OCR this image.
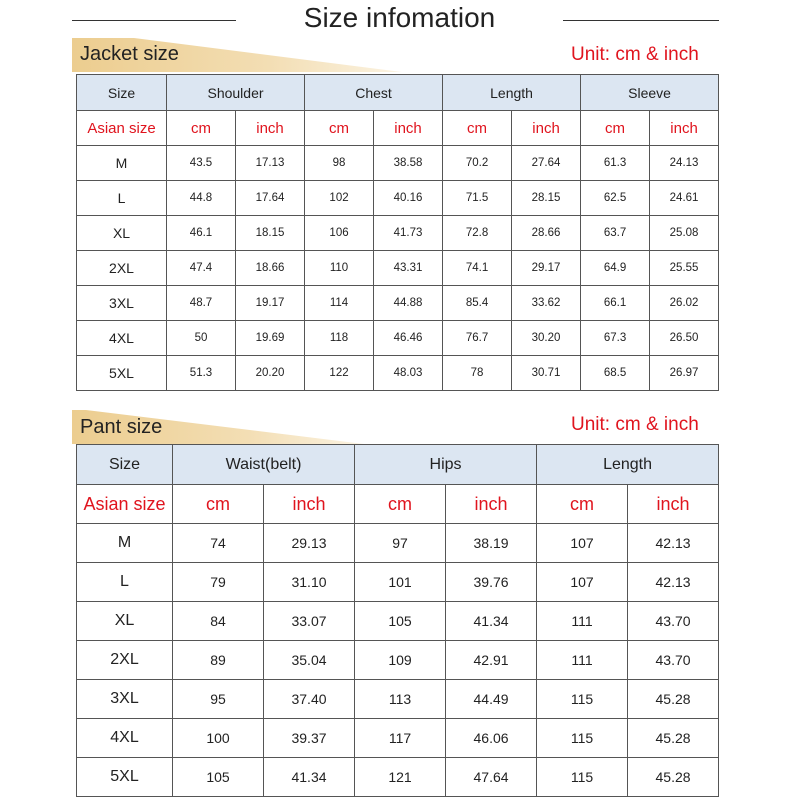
Size infomation
Jacket size	Unit: cm & inch
Size	Shoulder		Chest		Length		Sleeve	
Asian size	cm	inch	cm	inch	cm	inch	cm	inch
M	43.5	17.13	98	38.58	70.2	27.64	61.3	24.13
L	44.8	17.64	102	40.16	71.5	28.15	62.5	24.61
XL	46.1	18.15	106	41.73	72.8	28.66	63.7	25.08
2XL	47.4	18.66	110	43.31	74.1	29.17	64.9	25.55
3XL	48.7	19.17	114	44.88	85.4	33.62	66.1	26.02
4XL	50	19.69	118	46.46	76.7	30.20	67.3	26.50
5XL	51.3	20.20	122	48.03	78	30.71	68.5	26.97
Pant size	Unit: cm & inch
Size	Waist(belt)		Hips		Length	
Asian size	cm	inch	cm	inch	cm	inch
M	74	29.13	97	38.19	107	42.13
L	79	31.10	101	39.76	107	42.13
XL	84	33.07	105	41.34	111	43.70
2XL	89	35.04	109	42.91	111	43.70
3XL	95	37.40	113	44.49	115	45.28
4XL	100	39.37	117	46.06	115	45.28
5XL	105	41.34	121	47.64	115	45.28
